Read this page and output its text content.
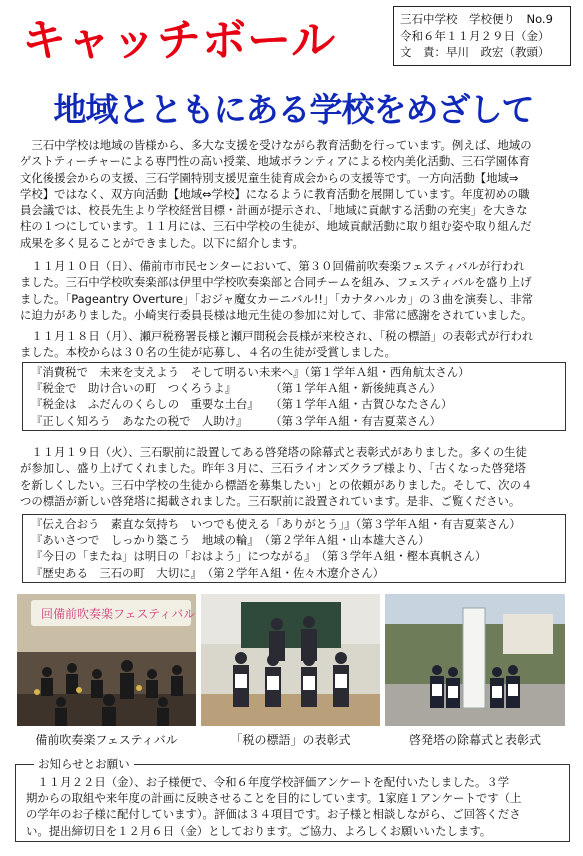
キャッチボール	三石中学校　学校便り　No.9
令和６年１１月２９日（金）
文　責：早川　政宏（教頭）
地域とともにある学校をめざして
　三石中学校は地域の皆様から、多大な支援を受けながら教育活動を行っています。例えば、地域の
ゲストティーチャーによる専門性の高い授業、地域ボランティアによる校内美化活動、三石学園体育
文化後援会からの支援、三石学園特別支援児童生徒育成会からの支援等です。一方向活動【地域⇒
学校】ではなく、双方向活動【地域⇔学校】になるように教育活動を展開しています。年度初めの職
員会議では、校長先生より学校経営目標・計画が提示され、「地域に貢献する活動の充実」を大きな
柱の１つにしています。１１月には、三石中学校の生徒が、地域貢献活動に取り組む姿や取り組んだ
成果を多く見ることができました。以下に紹介します。
　１１月１０日（日）、備前市市民センターにおいて、第３０回備前吹奏楽フェスティバルが行われ
ました。三石中学校吹奏楽部は伊里中学校吹奏楽部と合同チームを組み、フェスティバルを盛り上げ
ました。「Pageantry Overture」「おジャ魔女カーニバル!!」「カナタハルカ」の３曲を演奏し、非常
に迫力がありました。小崎実行委員長様は地元生徒の参加に対して、非常に感謝をされていました。
　１１月１８日（月）、瀬戸税務署長様と瀬戸間税会長様が来校され、「税の標語」の表彰式が行われ
ました。本校からは３０名の生徒が応募し、４名の生徒が受賞しました。
『消費税で　未来を支えよう　そして明るい未来へ』（第１学年Ａ組・西角航太さん）
『税金で　助け合いの町　つくろうよ』　　　　（第１学年Ａ組・新後純真さん）
『税金は　ふだんのくらしの　重要な土台』　　（第１学年Ａ組・古賀ひなたさん）
『正しく知ろう　あなたの税で　人助け』　　　（第３学年Ａ組・有吉夏菜さん）
　１１月１９日（火）、三石駅前に設置してある啓発塔の除幕式と表彰式がありました。多くの生徒
が参加し、盛り上げてくれました。昨年３月に、三石ライオンズクラブ様より、「古くなった啓発塔
を新しくしたい。三石中学校の生徒から標語を募集したい」との依頼がありました。そして、次の４
つの標語が新しい啓発塔に掲載されました。三石駅前に設置されています。是非、ご覧ください。
『伝え合おう　素直な気持ち　いつでも使える「ありがとう」』（第３学年Ａ組・有吉夏菜さん）
『あいさつで　しっかり築こう　地域の輪』　（第２学年Ａ組・山本雄大さん）
『今日の「またね」は明日の「おはよう」につながる』　（第３学年Ａ組・樫本真帆さん）
『歴史ある　三石の町　大切に』　（第２学年Ａ組・佐々木遼介さん）
回備前吹奏楽フェスティバル
備前吹奏楽フェスティバル	「税の標語」の表彰式	啓発塔の除幕式と表彰式
お知らせとお願い
　１１月２２日（金）、お子様便で、令和６年度学校評価アンケートを配付いたしました。３学
期からの取組や来年度の計画に反映させることを目的にしています。1家庭１アンケートです（上
の学年のお子様に配付しています）。評価は３４項目です。お子様と相談しながら、ご回答くださ
い。提出締切日を１２月６日（金）としております。ご協力、よろしくお願いいたします。
